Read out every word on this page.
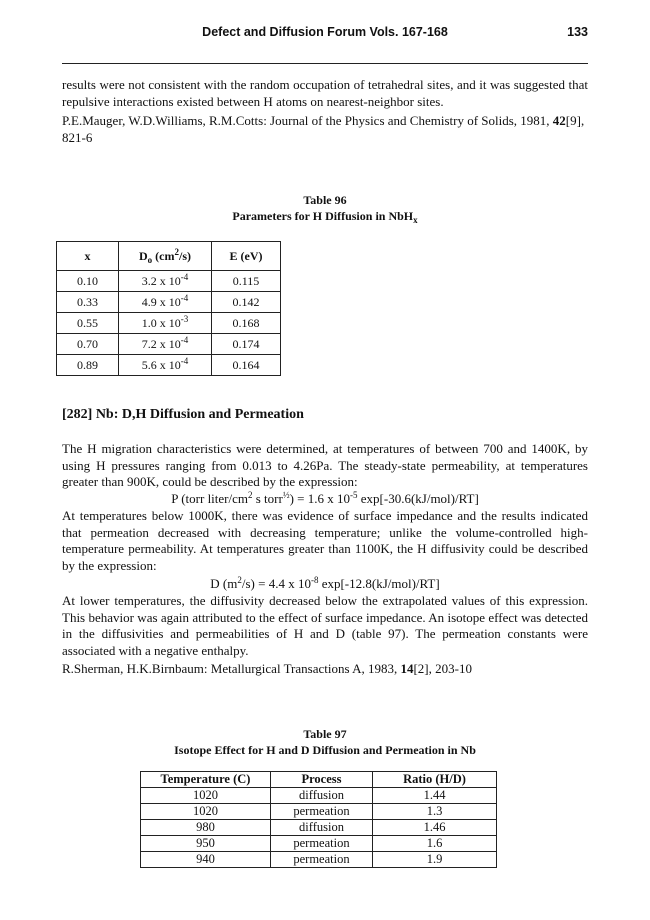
Defect and Diffusion Forum Vols. 167-168	133
results were not consistent with the random occupation of tetrahedral sites, and it was suggested that repulsive interactions existed between H atoms on nearest-neighbor sites.
P.E.Mauger, W.D.Williams, R.M.Cotts: Journal of the Physics and Chemistry of Solids, 1981, 42[9], 821-6
Table 96
Parameters for H Diffusion in NbH$_x$
x	$D_o$ $(cm^2/s)$	E (eV)
0.10	3.2 x $10^{-4}$	0.115
0.33	4.9 x $10^{-4}$	0.142
0.55	1.0 x $10^{-3}$	0.168
0.70	7.2 x $10^{-4}$	0.174
0.89	5.6 x $10^{-4}$	0.164
[282] Nb: D,H Diffusion and Permeation
The H migration characteristics were determined, at temperatures of between 700 and 1400K, by using H pressures ranging from 0.013 to 4.26Pa. The steady-state permeability, at temperatures greater than 900K, could be described by the expression:
P (torr liter/$cm^2$ s torr$^{\frac{1}{2}}$) = 1.6 x $10^{-5}$ exp[-30.6(kJ/mol)/RT]
At temperatures below 1000K, there was evidence of surface impedance and the results indicated that permeation decreased with decreasing temperature; unlike the volume-controlled high-temperature permeability. At temperatures greater than 1100K, the H diffusivity could be described by the expression:
D $(m^2/s) = 4.4$ x $10^{-8}$ exp[-12.8(kJ/mol)/RT]
At lower temperatures, the diffusivity decreased below the extrapolated values of this expression. This behavior was again attributed to the effect of surface impedance. An isotope effect was detected in the diffusivities and permeabilities of H and D (table 97). The permeation constants were associated with a negative enthalpy.
R.Sherman, H.K.Birnbaum: Metallurgical Transactions A, 1983, 14[2], 203-10
Table 97
Isotope Effect for H and D Diffusion and Permeation in Nb
Temperature (C)	Process	Ratio (H/D)
1020	diffusion	1.44
1020	permeation	1.3
980	diffusion	1.46
950	permeation	1.6
940	permeation	1.9
